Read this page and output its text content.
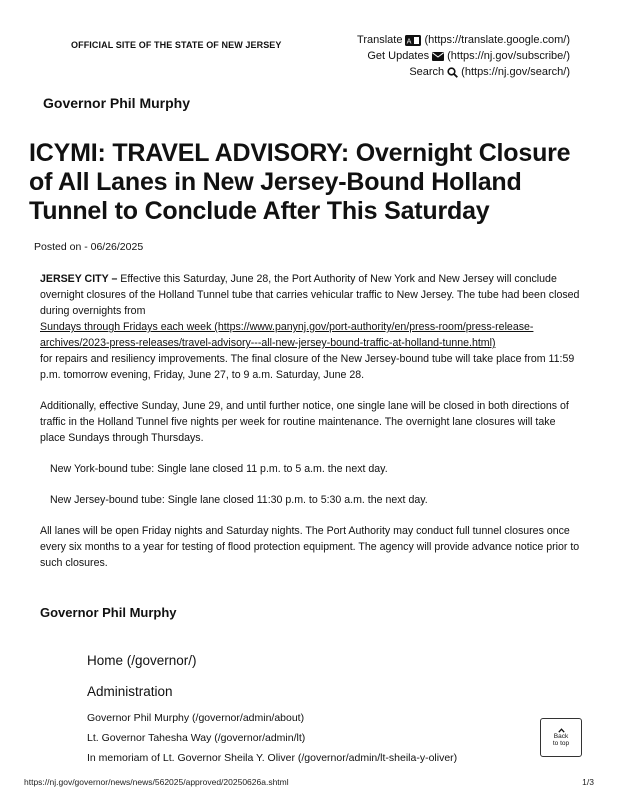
OFFICIAL SITE OF THE STATE OF NEW JERSEY	Translate A (https://translate.google.com/)
Get Updates (https://nj.gov/subscribe/)
Search (https://nj.gov/search/)
Governor Phil Murphy
ICYMI: TRAVEL ADVISORY: Overnight Closure of All Lanes in New Jersey-Bound Holland Tunnel to Conclude After This Saturday
Posted on - 06/26/2025

JERSEY CITY – Effective this Saturday, June 28, the Port Authority of New York and New Jersey will conclude overnight closures of the Holland Tunnel tube that carries vehicular traffic to New Jersey. The tube had been closed during overnights from

Sundays through Fridays each week (https://www.panynj.gov/port-authority/en/press-room/press-release-archives/2023-press-releases/travel-advisory---all-new-jersey-bound-traffic-at-holland-tunne.html)

for repairs and resiliency improvements. The final closure of the New Jersey-bound tube will take place from 11:59 p.m. tomorrow evening, Friday, June 27, to 9 a.m. Saturday, June 28.

Additionally, effective Sunday, June 29, and until further notice, one single lane will be closed in both directions of traffic in the Holland Tunnel five nights per week for routine maintenance. The overnight lane closures will take place Sundays through Thursdays.

New York-bound tube: Single lane closed 11 p.m. to 5 a.m. the next day.

New Jersey-bound tube: Single lane closed 11:30 p.m. to 5:30 a.m. the next day.

All lanes will be open Friday nights and Saturday nights. The Port Authority may conduct full tunnel closures once every six months to a year for testing of flood protection equipment. The agency will provide advance notice prior to such closures.

Governor Phil Murphy
Home (/governor/)
Administration
Governor Phil Murphy (/governor/admin/about)
Lt. Governor Tahesha Way (/governor/admin/lt)
In memoriam of Lt. Governor Sheila Y. Oliver (/governor/admin/lt-sheila-y-oliver)
Back
to top
https://nj.gov/governor/news/news/562025/approved/20250626a.shtml	1/3
